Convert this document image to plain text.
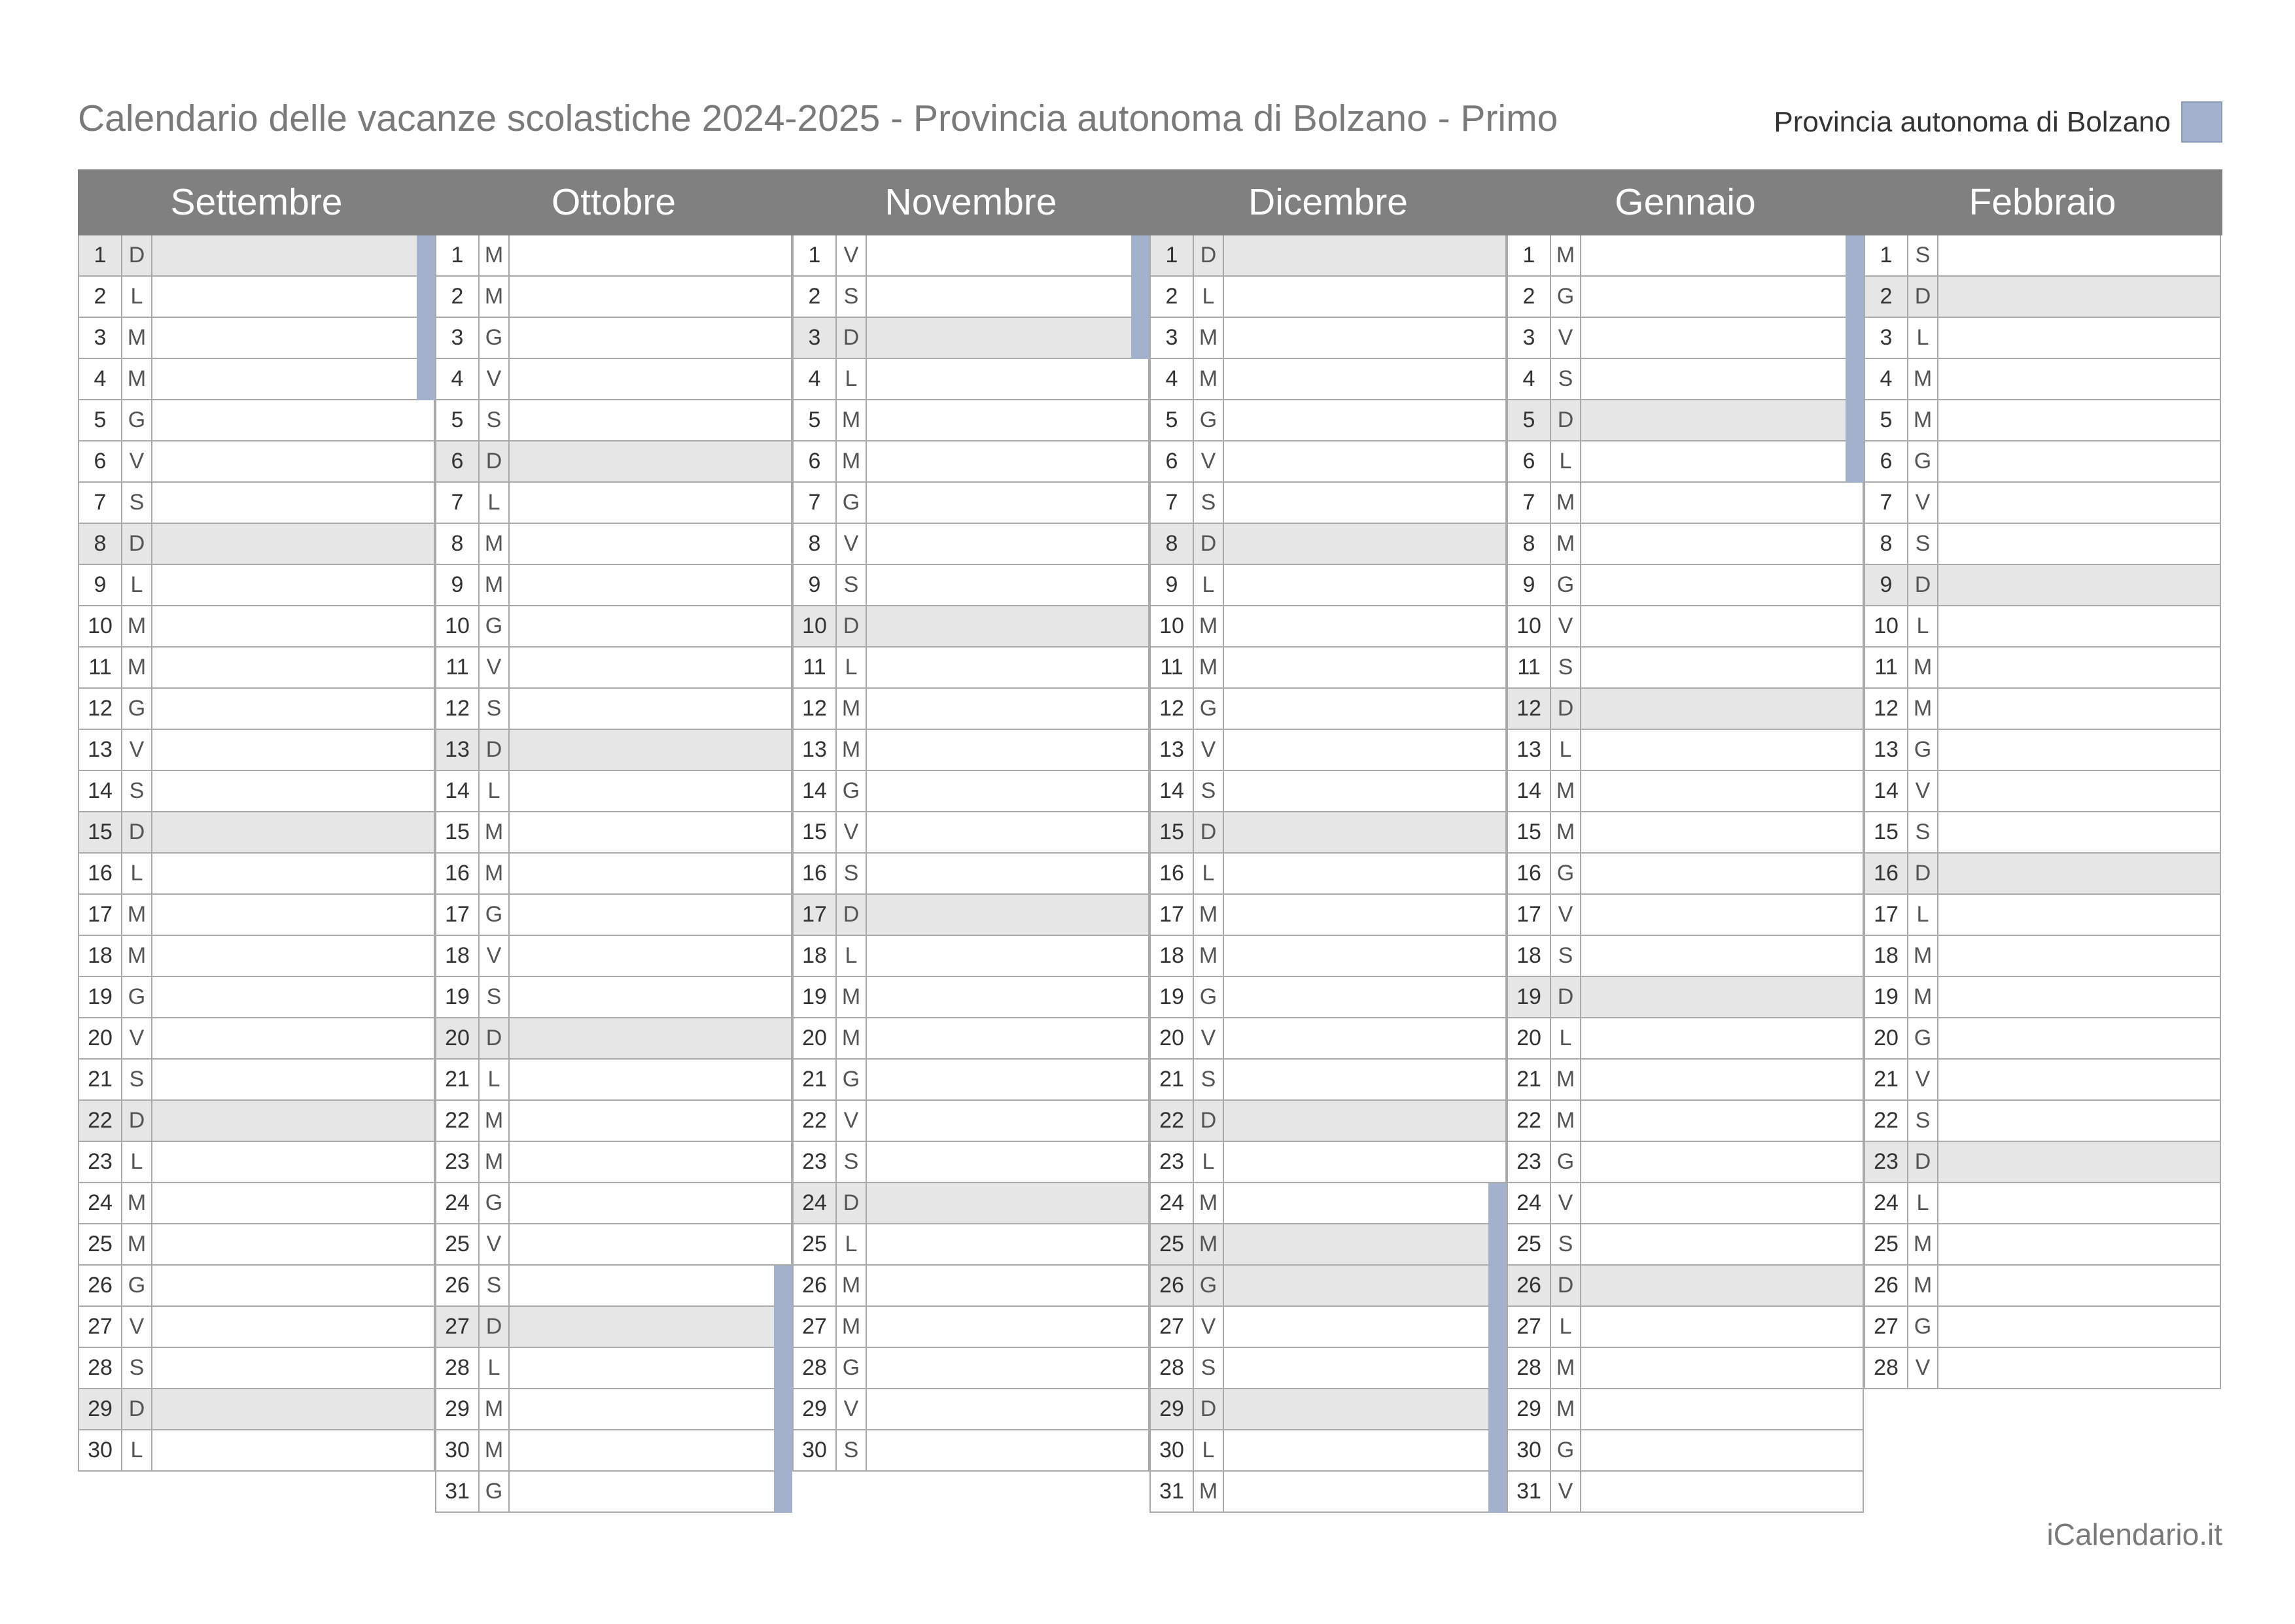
Calendario delle vacanze scolastiche 2024-2025 - Provincia autonoma di Bolzano - Primo	Provincia autonoma di Bolzano
Settembre	Ottobre	Novembre	Dicembre	Gennaio	Febbraio
1	D
2	L
3 M
4 M
5 G
6	V
7	S
8	D
9	L
10 M
11 M
12 G
13 V
14 S
15 D
16 L
17 M
18 M
19 G
20 V
21 S
22 D
23 L
24 M
25 M
26 G
27 V
28 S
29 D
30 L
1 M
2 M
3 G
4	V
5	S
6	D
7	L
8 M
9 M
10 G
11 V
12 S
13 D
14 L
15 M
16 M
17 G
18 V
19 S
20 D
21 L
22 M
23 M
24 G
25 V
26 S
27 D
28 L
29 M
30 M
31 G
1	V
2	S
3	D
4	L
5 M
6 M
7 G
8	V
9	S
10 D
11 L
12 M
13 M
14 G
15 V
16 S
17 D
18 L
19 M
20 M
21 G
22 V
23 S
24 D
25 L
26 M
27 M
28 G
29 V
30 S
1	D
2	L
3 M
4 M
5 G
6	V
7	S
8	D
9	L
10 M
11 M
12 G
13 V
14 S
15 D
16 L
17 M
18 M
19 G
20 V
21 S
22 D
23 L
24 M
25 M
26 G
27 V
28 S
29 D
30 L
31 M
1 M
2 G
3	V
4	S
5	D
6	L
7 M
8 M
9 G
10 V
11 S
12 D
13 L
14 M
15 M
16 G
17 V
18 S
19 D
20 L
21 M
22 M
23 G
24 V
25 S
26 D
27 L
28 M
29 M
30 G
31 V
1	S
2	D
3	L
4 M
5 M
6 G
7	V
8	S
9	D
10 L
11 M
12 M
13 G
14 V
15 S
16 D
17 L
18 M
19 M
20 G
21 V
22 S
23 D
24 L
25 M
26 M
27 G
28 V
iCalendario.it
